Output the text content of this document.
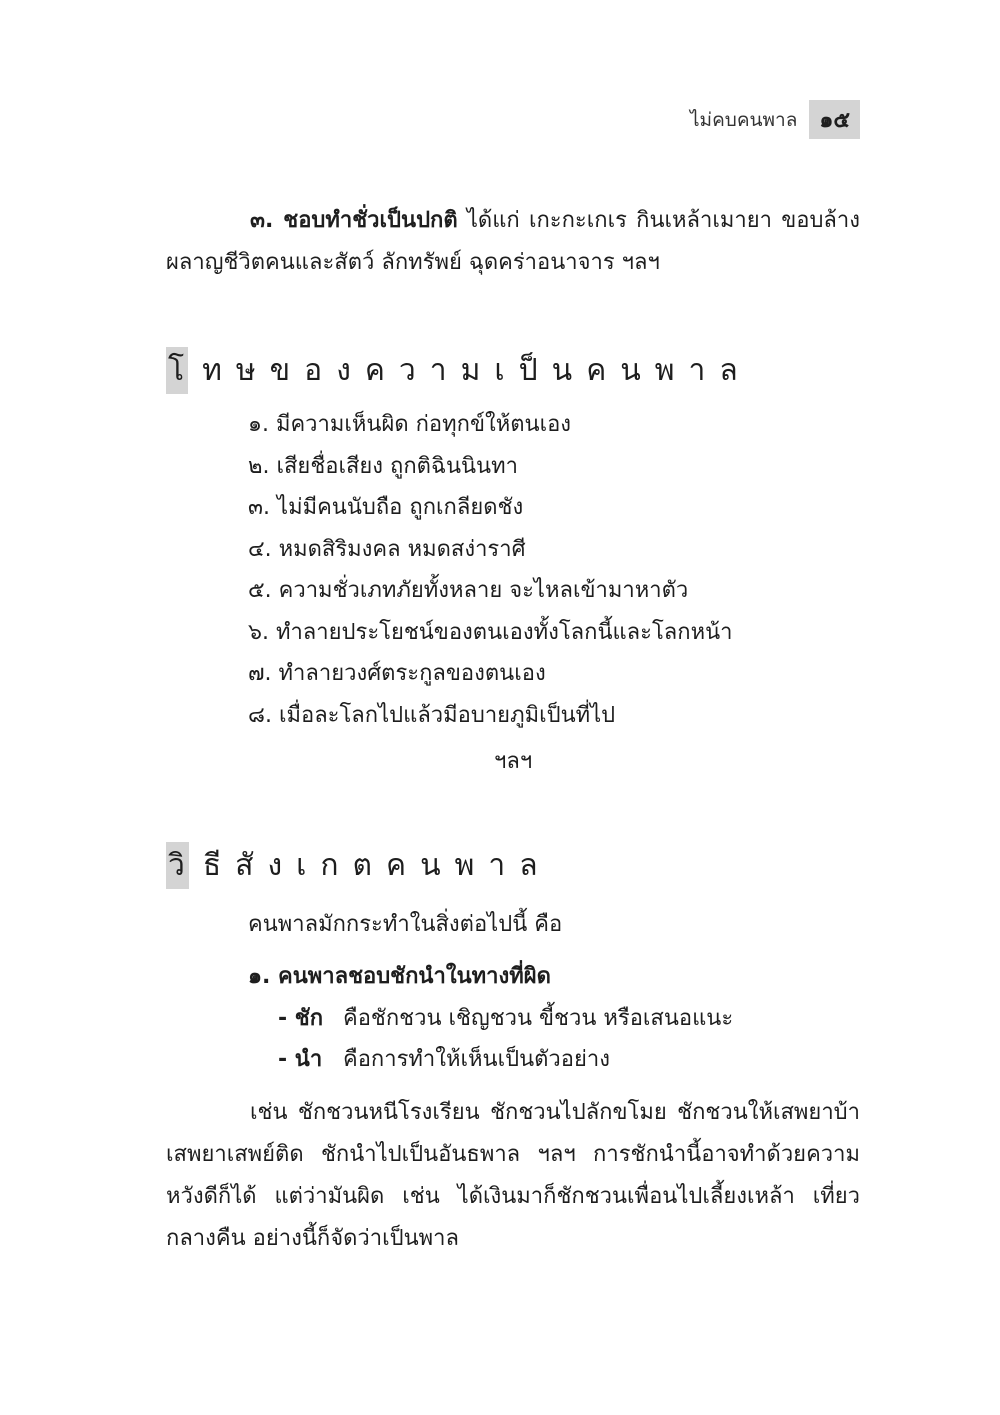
ไม่คบคนพาล	๑๕

๓. ชอบทำชั่วเป็นปกติ ได้แก่ เกะกะเกเร กินเหล้าเมายา ขอบล้างผลาญชีวิตคนและสัตว์ ลักทรัพย์ ฉุดคร่าอนาจาร ฯลฯ

โ ทษของความเป็นคนพาล
๑. มีความเห็นผิด ก่อทุกข์ให้ตนเอง
๒. เสียชื่อเสียง ถูกติฉินนินทา
๓. ไม่มีคนนับถือ ถูกเกลียดชัง
๔. หมดสิริมงคล หมดสง่าราศี
๕. ความชั่วเภทภัยทั้งหลาย จะไหลเข้ามาหาตัว
๖. ทำลายประโยชน์ของตนเองทั้งโลกนี้และโลกหน้า
๗. ทำลายวงศ์ตระกูลของตนเอง
๘. เมื่อละโลกไปแล้วมีอบายภูมิเป็นที่ไป
ฯลฯ
วิ ธีสังเกตคนพาล
คนพาลมักกระทำในสิ่งต่อไปนี้ คือ
๑. คนพาลชอบชักนำในทางที่ผิด
- ชัก คือชักชวน เชิญชวน ขี้ชวน หรือเสนอแนะ
- นำ คือการทำให้เห็นเป็นตัวอย่าง

เช่น ชักชวนหนีโรงเรียน ชักชวนไปลักขโมย ชักชวนให้เสพยาบ้า เสพยาเสพย์ติด ชักนำไปเป็นอันธพาล ฯลฯ การชักนำนี้อาจทำด้วยความหวังดีก็ได้ แต่ว่ามันผิด เช่น ได้เงินมาก็ชักชวนเพื่อนไปเลี้ยงเหล้า เที่ยวกลางคืน อย่างนี้ก็จัดว่าเป็นพาล
